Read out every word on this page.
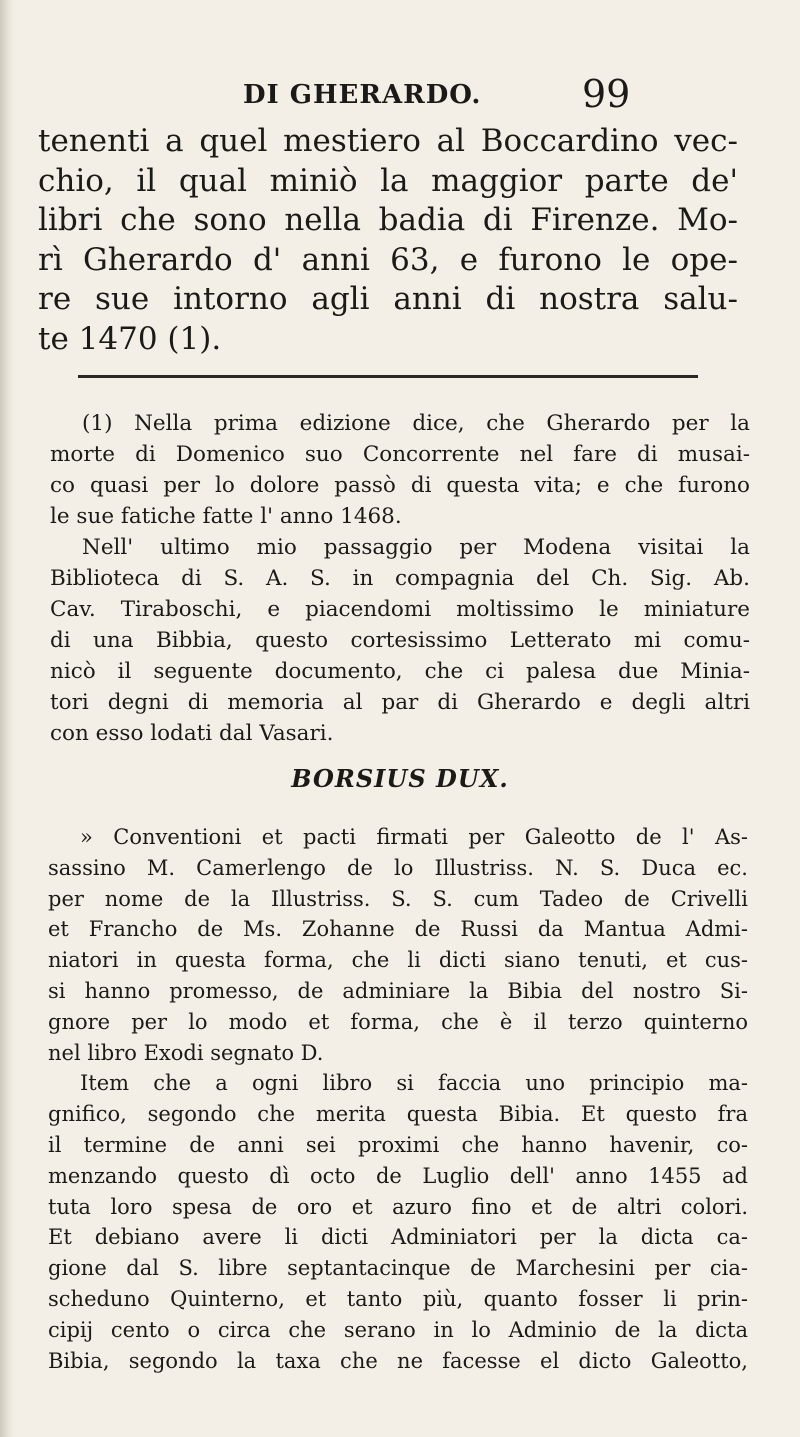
DI GHERARDO.	99
tenenti a quel mestiero al Boccardino vec-
chio, il qual miniò la maggior parte de'
libri che sono nella badia di Firenze. Mo-
rì Gherardo d' anni 63, e furono le ope-
re sue intorno agli anni di nostra salu-
te 1470 (1).
(1) Nella prima edizione dice, che Gherardo per la
morte di Domenico suo Concorrente nel fare di musai-
co quasi per lo dolore passò di questa vita; e che furono
le sue fatiche fatte l' anno 1468.
Nell' ultimo mio passaggio per Modena visitai la
Biblioteca di S. A. S. in compagnia del Ch. Sig. Ab.
Cav. Tiraboschi, e piacendomi moltissimo le miniature
di una Bibbia, questo cortesissimo Letterato mi comu-
nicò il seguente documento, che ci palesa due Minia-
tori degni di memoria al par di Gherardo e degli altri
con esso lodati dal Vasari.
BORSIUS DUX.
» Conventioni et pacti firmati per Galeotto de l' As-
sassino M. Camerlengo de lo Illustriss. N. S. Duca ec.
per nome de la Illustriss. S. S. cum Tadeo de Crivelli
et Francho de Ms. Zohanne de Russi da Mantua Admi-
niatori in questa forma, che li dicti siano tenuti, et cus-
si hanno promesso, de adminiare la Bibia del nostro Si-
gnore per lo modo et forma, che è il terzo quinterno
nel libro Exodi segnato D.
Item che a ogni libro si faccia uno principio ma-
gnifico, segondo che merita questa Bibia. Et questo fra
il termine de anni sei proximi che hanno havenir, co-
menzando questo dì octo de Luglio dell' anno 1455 ad
tuta loro spesa de oro et azuro fino et de altri colori.
Et debiano avere li dicti Adminiatori per la dicta ca-
gione dal S. libre septantacinque de Marchesini per cia-
scheduno Quinterno, et tanto più, quanto fosser li prin-
cipij cento o circa che serano in lo Adminio de la dicta
Bibia, segondo la taxa che ne facesse el dicto Galeotto,
